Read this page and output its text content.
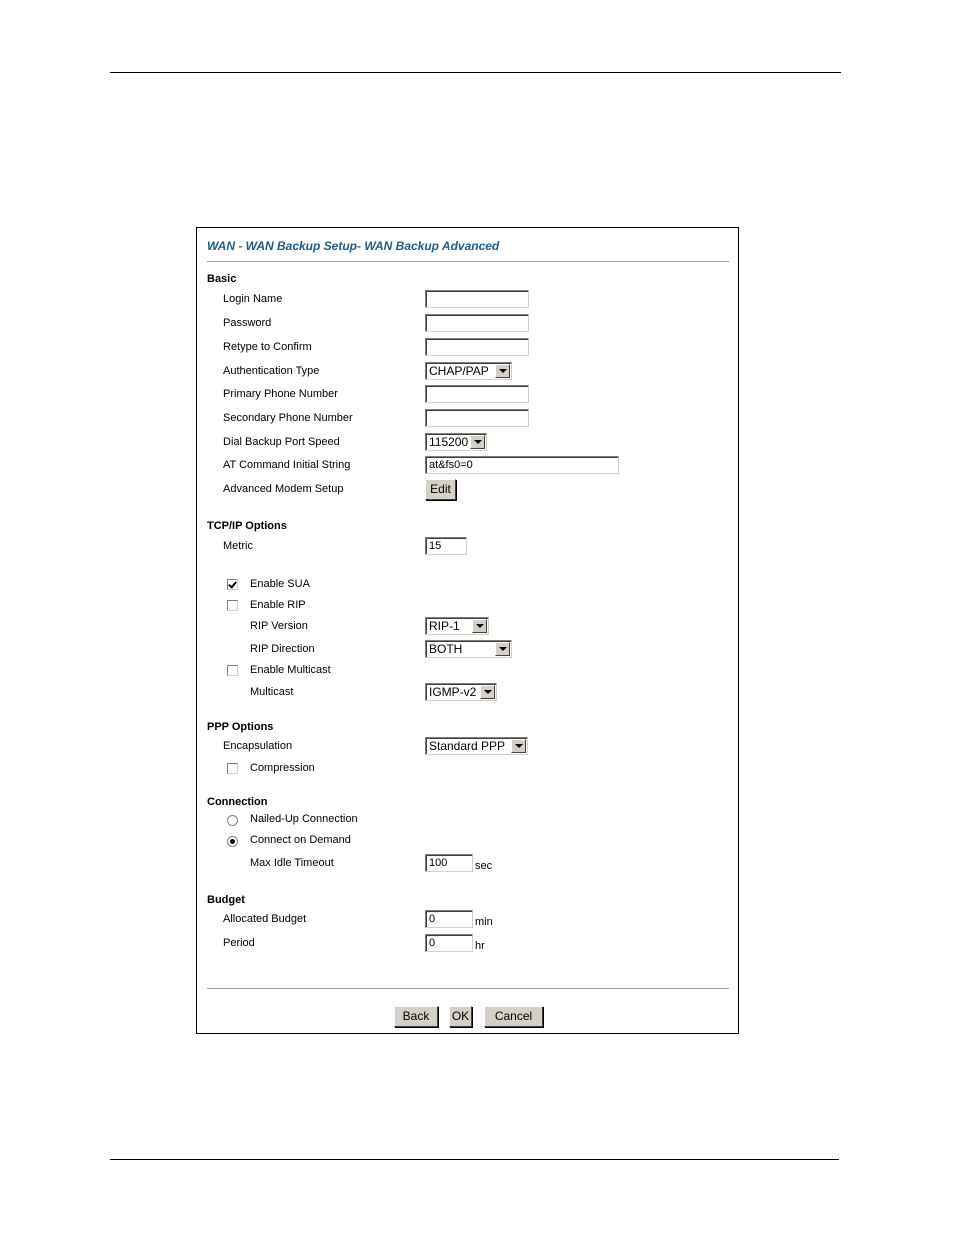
WAN - WAN Backup Setup- WAN Backup Advanced
Basic
Login Name
Password
Retype to Confirm
Authentication Type	CHAP/PAP
Primary Phone Number
Secondary Phone Number
Dial Backup Port Speed	115200
AT Command Initial String	at&fs0=0
Advanced Modem Setup	Edit
TCP/IP Options
Metric	15
Enable SUA
Enable RIP
RIP Version	RIP-1
RIP Direction	BOTH
Enable Multicast
Multicast	IGMP-v2
PPP Options
Encapsulation	Standard PPP
Compression
Connection
Nailed-Up Connection
Connect on Demand
Max Idle Timeout	100	sec
Budget
Allocated Budget	0	min
Period	0	hr
Back	OK	Cancel
